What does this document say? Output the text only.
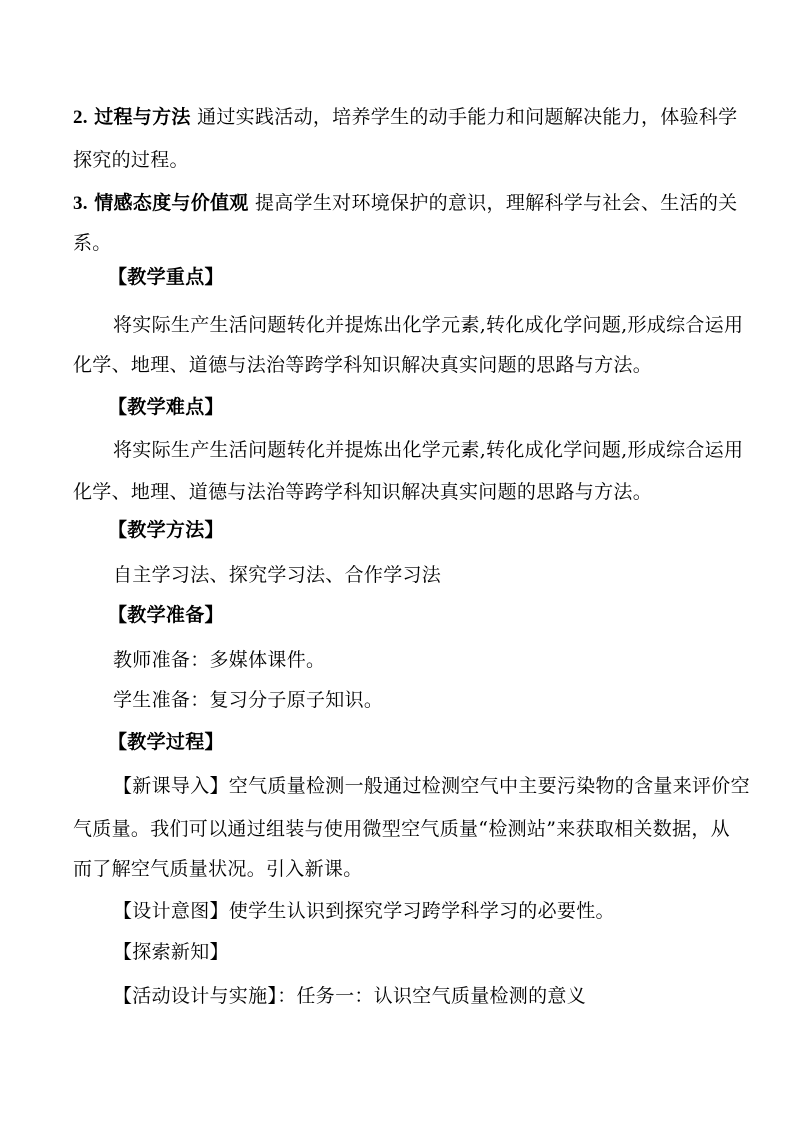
2. 过程与方法 通过实践活动，培养学生的动手能力和问题解决能力，体验科学
探究的过程。
3. 情感态度与价值观 提高学生对环境保护的意识，理解科学与社会、生活的关
系。
【教学重点】
将实际生产生活问题转化并提炼出化学元素,转化成化学问题,形成综合运用
化学、地理、道德与法治等跨学科知识解决真实问题的思路与方法。
【教学难点】
将实际生产生活问题转化并提炼出化学元素,转化成化学问题,形成综合运用
化学、地理、道德与法治等跨学科知识解决真实问题的思路与方法。
【教学方法】
自主学习法、探究学习法、合作学习法
【教学准备】
教师准备：多媒体课件。
学生准备：复习分子原子知识。
【教学过程】
【新课导入】空气质量检测一般通过检测空气中主要污染物的含量来评价空
气质量。我们可以通过组装与使用微型空气质量“检测站”来获取相关数据，从
而了解空气质量状况。引入新课。
【设计意图】使学生认识到探究学习跨学科学习的必要性。
【探索新知】
【活动设计与实施】：任务一：认识空气质量检测的意义
